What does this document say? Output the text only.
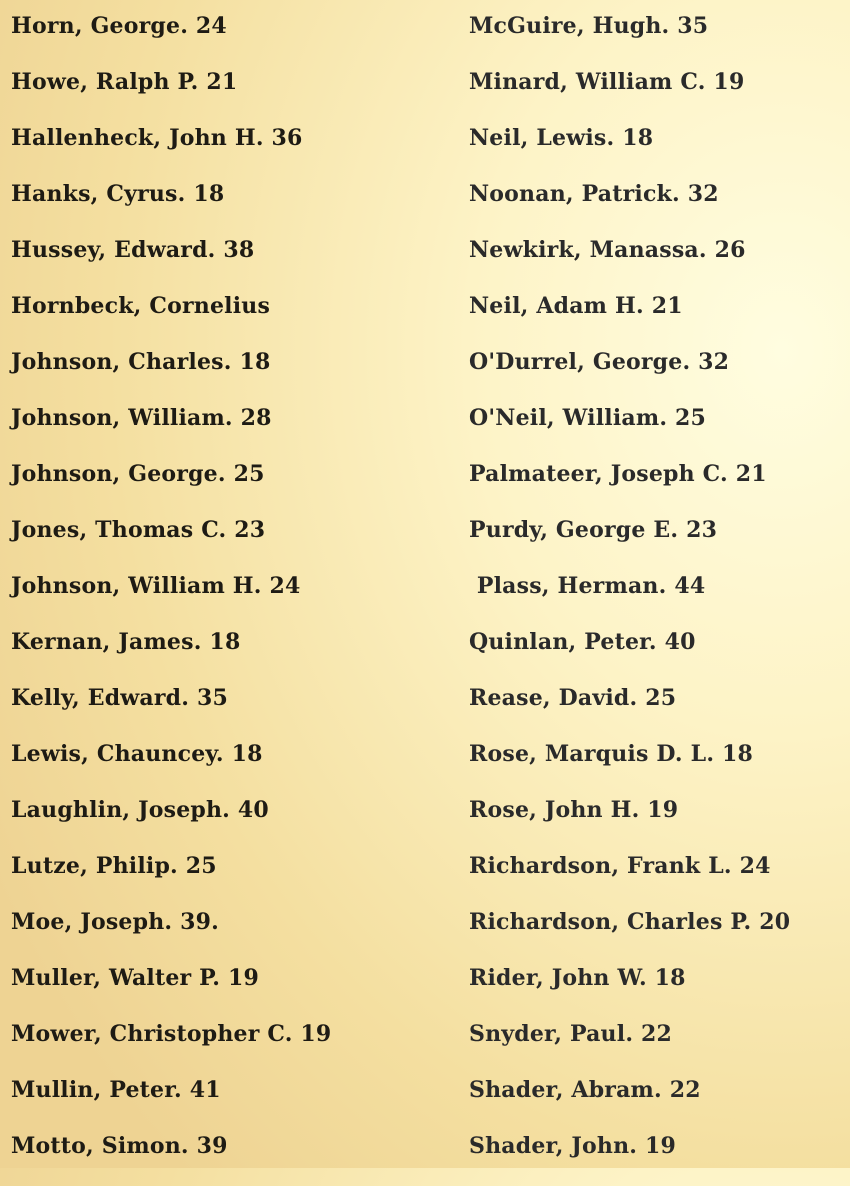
Horn, George. 24
Howe, Ralph P. 21
Hallenheck, John H. 36
Hanks, Cyrus. 18
Hussey, Edward. 38
Hornbeck, Cornelius
Johnson, Charles. 18
Johnson, William. 28
Johnson, George. 25
Jones, Thomas C. 23
Johnson, William H. 24
Kernan, James. 18
Kelly, Edward. 35
Lewis, Chauncey. 18
Laughlin, Joseph. 40
Lutze, Philip. 25
Moe, Joseph. 39.
Muller, Walter P. 19
Mower, Christopher C. 19
Mullin, Peter. 41
Motto, Simon. 39
McGuire, Hugh. 35
Minard, William C. 19
Neil, Lewis. 18
Noonan, Patrick. 32
Newkirk, Manassa. 26
Neil, Adam H. 21
O'Durrel, George. 32
O'Neil, William. 25
Palmateer, Joseph C. 21
Purdy, George E. 23
Plass, Herman. 44
Quinlan, Peter. 40
Rease, David. 25
Rose, Marquis D. L. 18
Rose, John H. 19
Richardson, Frank L. 24
Richardson, Charles P. 20
Rider, John W. 18
Snyder, Paul. 22
Shader, Abram. 22
Shader, John. 19
